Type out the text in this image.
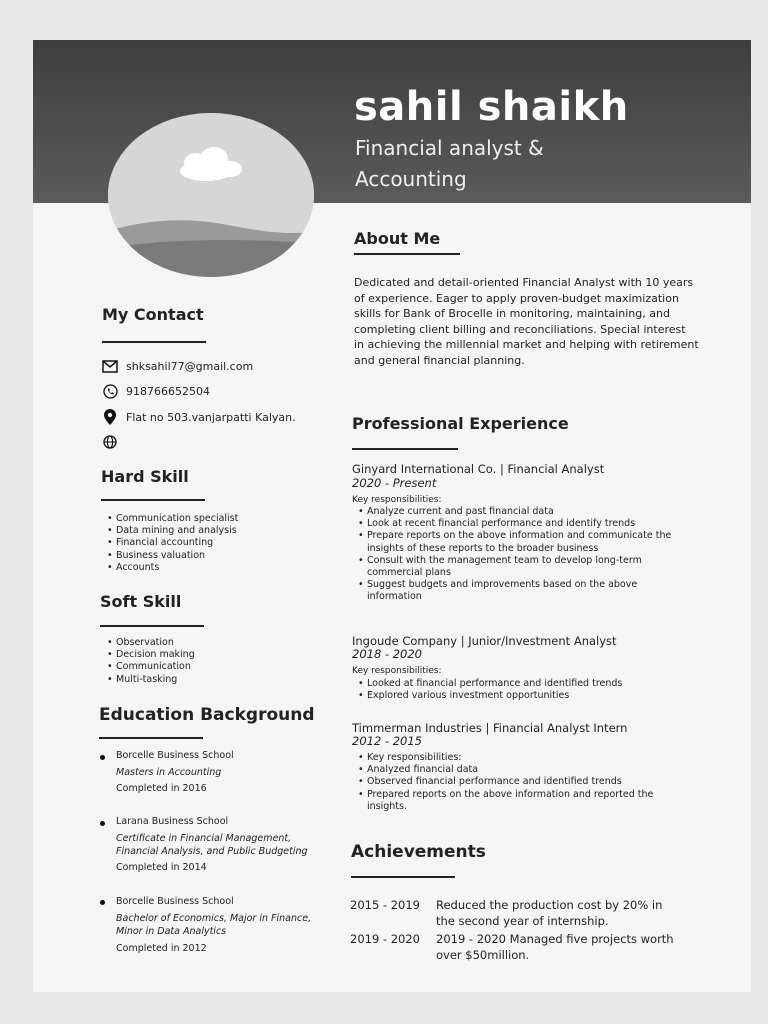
sahil shaikh
Financial analyst & Accounting
My Contact
shksahil77@gmail.com
918766652504
Flat no 503.vanjarpatti Kalyan.
Hard Skill
• Communication specialist
• Data mining and analysis
• Financial accounting
• Business valuation
• Accounts
Soft Skill
• Observation
• Decision making
• Communication
• Multi-tasking
Education Background
Borcelle Business School
Masters in Accounting
Completed in 2016
Larana Business School
Certificate in Financial Management, Financial Analysis, and Public Budgeting
Completed in 2014
Borcelle Business School
Bachelor of Economics, Major in Finance, Minor in Data Analytics
Completed in 2012
About Me
Dedicated and detail-oriented Financial Analyst with 10 years of experience. Eager to apply proven-budget maximization skills for Bank of Brocelle in monitoring, maintaining, and completing client billing and reconciliations. Special interest in achieving the millennial market and helping with retirement and general financial planning.
Professional Experience
Ginyard International Co. | Financial Analyst
2020 - Present
Key responsibilities:
• Analyze current and past financial data
• Look at recent financial performance and identify trends
• Prepare reports on the above information and communicate the insights of these reports to the broader business
• Consult with the management team to develop long-term commercial plans
• Suggest budgets and improvements based on the above information
Ingoude Company | Junior/Investment Analyst
2018 - 2020
Key responsibilities:
• Looked at financial performance and identified trends
• Explored various investment opportunities
Timmerman Industries | Financial Analyst Intern
2012 - 2015
• Key responsibilities:
• Analyzed financial data
• Observed financial performance and identified trends
• Prepared reports on the above information and reported the insights.
Achievements
2015 - 2019	Reduced the production cost by 20% in the second year of internship.
2019 - 2020	2019 - 2020 Managed five projects worth over $50million.
